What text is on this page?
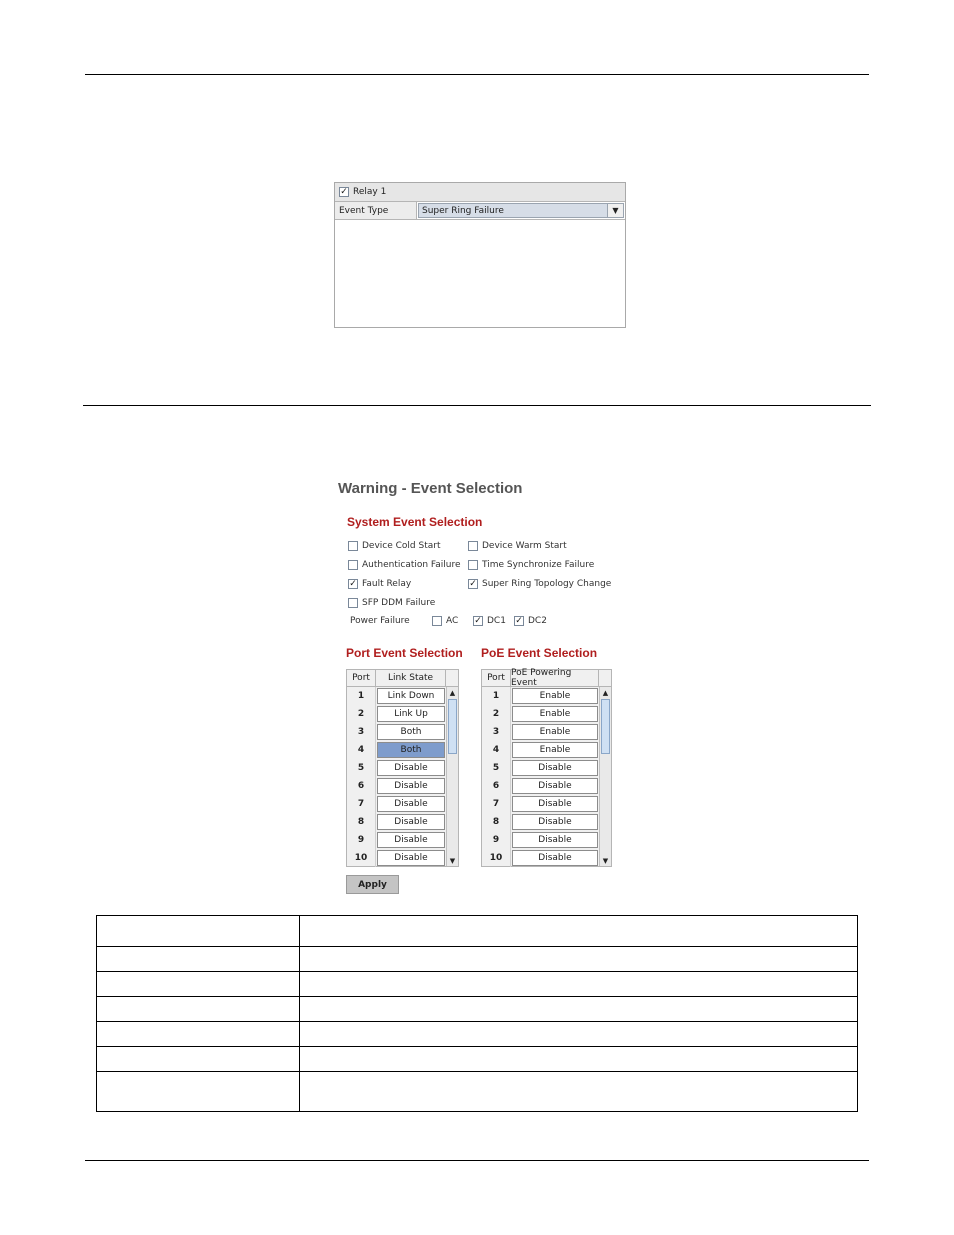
✓ Relay 1
Event Type	Super Ring Failure	▼
Warning - Event Selection
System Event Selection
Device Cold Start	Device Warm Start
Authentication Failure Time Synchronize Failure
✓ Fault Relay	✓ Super Ring Topology Change
SFP DDM Failure
Power Failure	AC ✓ DC1 ✓ DC2
Port Event Selection PoE Event Selection
Port	Link State
1	Link Down
2	Link Up
3	Both
4	Both
5	Disable
6	Disable
7	Disable
8	Disable
9	Disable
10	Disable
▲
▼
Port PoE Powering Event
1	Enable
2	Enable
3	Enable
4	Enable
5	Disable
6	Disable
7	Disable
8	Disable
9	Disable
10	Disable
▲
▼
Apply
